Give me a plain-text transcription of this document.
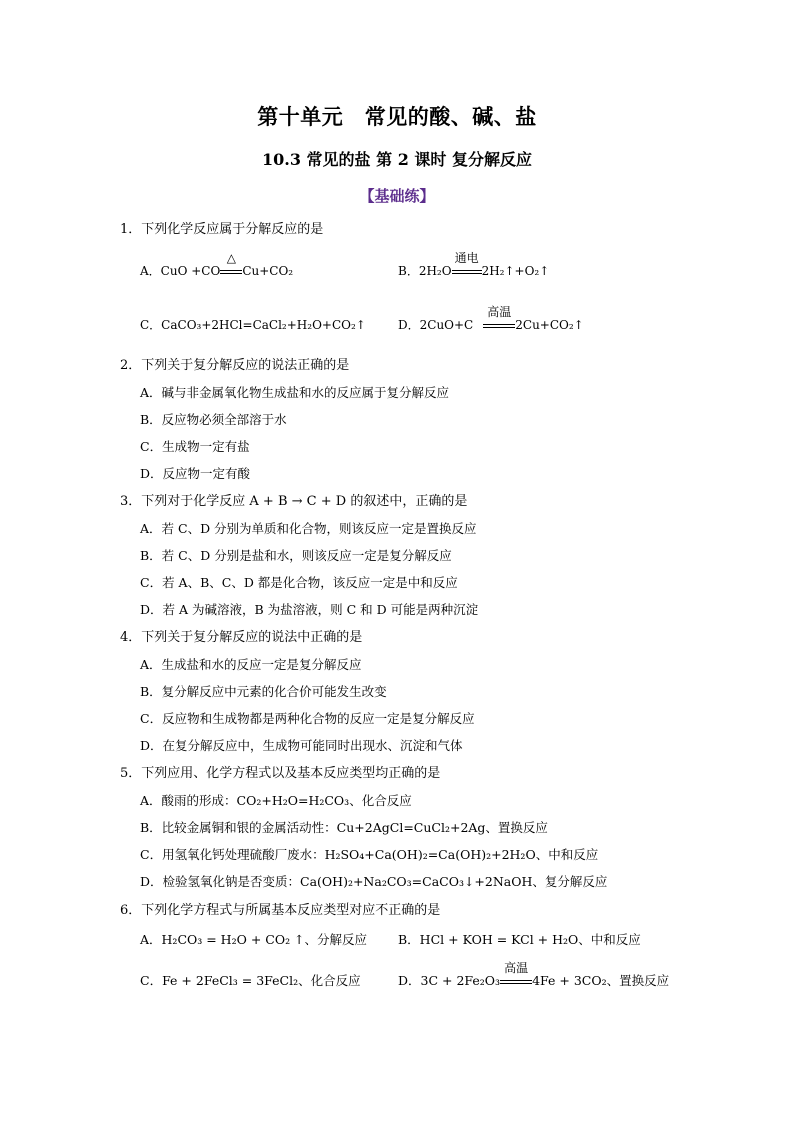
第十单元　常见的酸、碱、盐
10.3 常见的盐 第 2 课时 复分解反应
【基础练】
1．下列化学反应属于分解反应的是
A．CuO +CO
△
Cu+CO₂	B．2H₂O
通电
2H₂↑+O₂↑
C．CaCO₃+2HCl=CaCl₂+H₂O+CO₂↑	D．2CuO+C
高温
2Cu+CO₂↑
2．下列关于复分解反应的说法正确的是
A．碱与非金属氧化物生成盐和水的反应属于复分解反应
B．反应物必须全部溶于水
C．生成物一定有盐
D．反应物一定有酸
3．下列对于化学反应 A + B → C + D 的叙述中，正确的是
A．若 C、D 分别为单质和化合物，则该反应一定是置换反应
B．若 C、D 分别是盐和水，则该反应一定是复分解反应
C．若 A、B、C、D 都是化合物，该反应一定是中和反应
D．若 A 为碱溶液，B 为盐溶液，则 C 和 D 可能是两种沉淀
4．下列关于复分解反应的说法中正确的是
A．生成盐和水的反应一定是复分解反应
B．复分解反应中元素的化合价可能发生改变
C．反应物和生成物都是两种化合物的反应一定是复分解反应
D．在复分解反应中，生成物可能同时出现水、沉淀和气体
5．下列应用、化学方程式以及基本反应类型均正确的是
A．酸雨的形成：CO₂+H₂O=H₂CO₃、化合反应
B．比较金属铜和银的金属活动性：Cu+2AgCl=CuCl₂+2Ag、置换反应
C．用氢氧化钙处理硫酸厂废水：H₂SO₄+Ca(OH)₂=Ca(OH)₂+2H₂O、中和反应
D．检验氢氧化钠是否变质：Ca(OH)₂+Na₂CO₃=CaCO₃↓+2NaOH、复分解反应
6．下列化学方程式与所属基本反应类型对应不正确的是
A．H₂CO₃ = H₂O + CO₂ ↑、分解反应 B．HCl + KOH = KCl + H₂O、中和反应
C．Fe + 2FeCl₃ = 3FeCl₂、化合反应	D．3C + 2Fe₂O₃
高温
4Fe + 3CO₂、置换反应
